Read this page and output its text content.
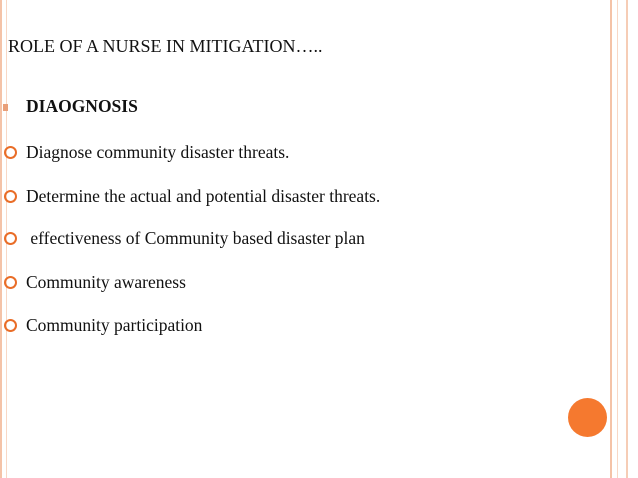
ROLE OF A NURSE IN MITIGATION…..
DIAOGNOSIS
Diagnose community disaster threats.
Determine the actual and potential disaster threats.
effectiveness of Community based disaster plan
Community awareness
Community participation
